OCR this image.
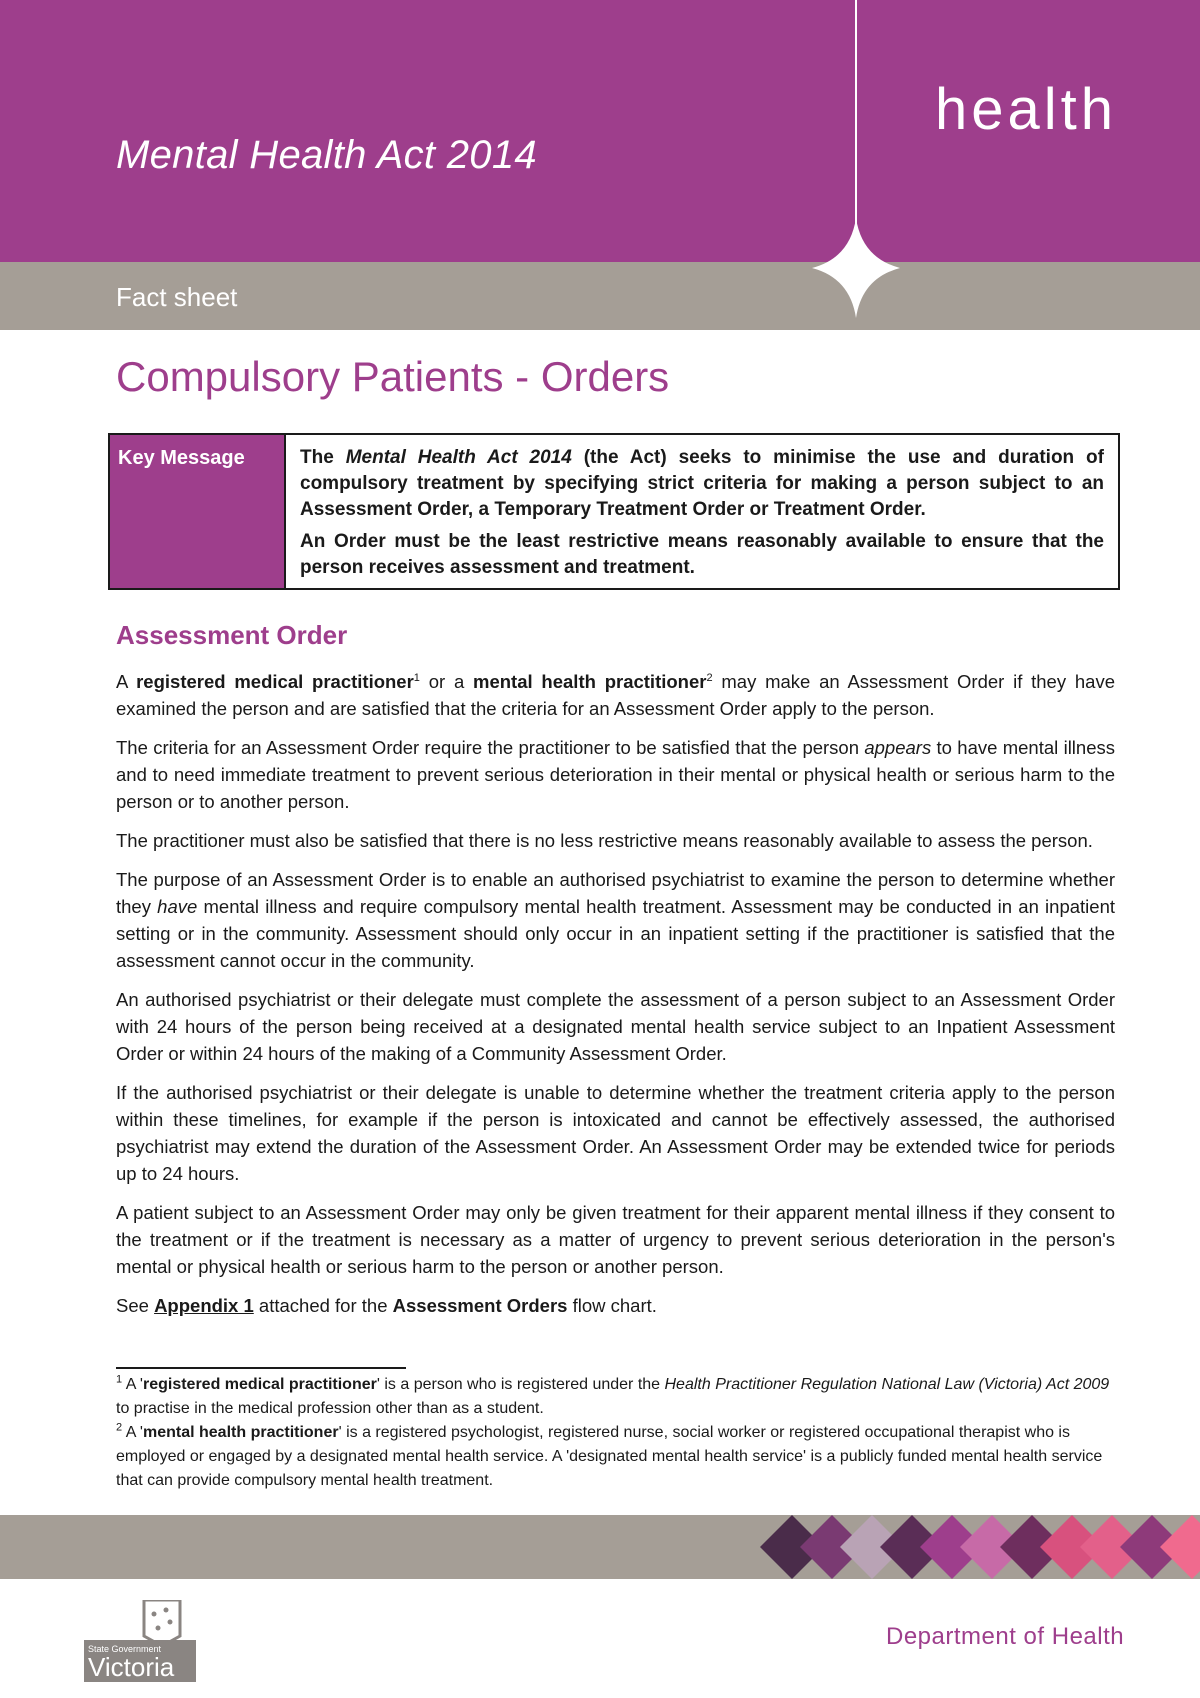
Mental Health Act 2014
health
Fact sheet
Compulsory Patients - Orders
Key Message	The Mental Health Act 2014 (the Act) seeks to minimise the use and duration of compulsory treatment by specifying strict criteria for making a person subject to an Assessment Order, a Temporary Treatment Order or Treatment Order.

An Order must be the least restrictive means reasonably available to ensure that the person receives assessment and treatment.

Assessment Order

A registered medical practitioner$^1$ or a mental health practitioner$^2$ may make an Assessment Order if they have examined the person and are satisfied that the criteria for an Assessment Order apply to the person.

The criteria for an Assessment Order require the practitioner to be satisfied that the person appears to have mental illness and to need immediate treatment to prevent serious deterioration in their mental or physical health or serious harm to the person or to another person.

The practitioner must also be satisfied that there is no less restrictive means reasonably available to assess the person.

The purpose of an Assessment Order is to enable an authorised psychiatrist to examine the person to determine whether they have mental illness and require compulsory mental health treatment. Assessment may be conducted in an inpatient setting or in the community. Assessment should only occur in an inpatient setting if the practitioner is satisfied that the assessment cannot occur in the community.

An authorised psychiatrist or their delegate must complete the assessment of a person subject to an Assessment Order with 24 hours of the person being received at a designated mental health service subject to an Inpatient Assessment Order or within 24 hours of the making of a Community Assessment Order.

If the authorised psychiatrist or their delegate is unable to determine whether the treatment criteria apply to the person within these timelines, for example if the person is intoxicated and cannot be effectively assessed, the authorised psychiatrist may extend the duration of the Assessment Order. An Assessment Order may be extended twice for periods up to 24 hours.

A patient subject to an Assessment Order may only be given treatment for their apparent mental illness if they consent to the treatment or if the treatment is necessary as a matter of urgency to prevent serious deterioration in the person's mental or physical health or serious harm to the person or another person.

See Appendix 1 attached for the Assessment Orders flow chart.

$^1$ A 'registered medical practitioner' is a person who is registered under the Health Practitioner Regulation National Law (Victoria) Act 2009 to practise in the medical profession other than as a student.

$^2$ A 'mental health practitioner' is a registered psychologist, registered nurse, social worker or registered occupational therapist who is employed or engaged by a designated mental health service. A 'designated mental health service' is a publicly funded mental health service that can provide compulsory mental health treatment.

State Government
Victoria
Department of Health
